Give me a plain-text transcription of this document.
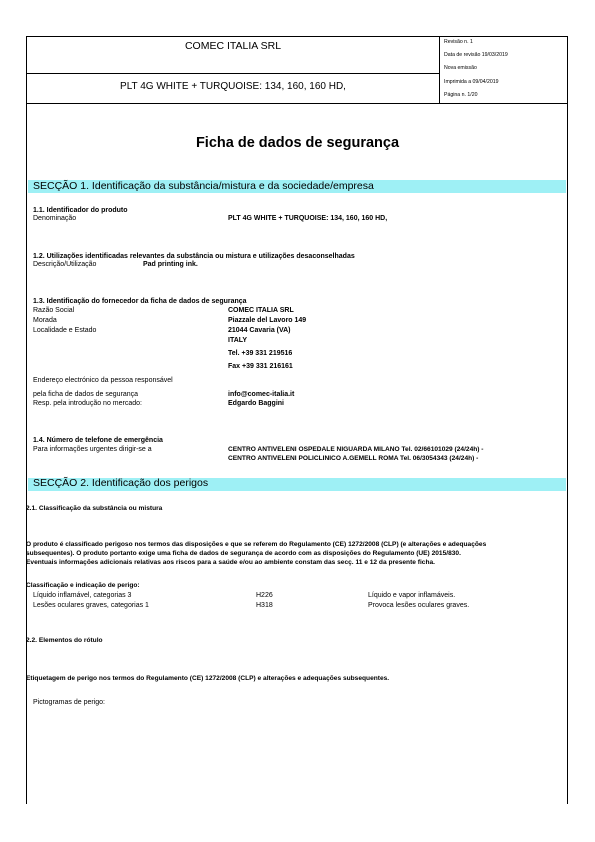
COMEC ITALIA SRL
PLT 4G WHITE + TURQUOISE: 134, 160, 160 HD,
Revisão n. 1
Data de revisão 19/03/2019
Nova emissão
Imprimida a 09/04/2019
Página n. 1/20
Ficha de dados de segurança
SECÇÃO 1. Identificação da substância/mistura e da sociedade/empresa
1.1. Identificador do produto
Denominação	PLT 4G WHITE + TURQUOISE: 134, 160, 160 HD,
1.2. Utilizações identificadas relevantes da substância ou mistura e utilizações desaconselhadas
Descrição/Utilização	Pad printing ink.
1.3. Identificação do fornecedor da ficha de dados de segurança
Razão Social	COMEC ITALIA SRL
Morada	Piazzale del Lavoro 149
Localidade e Estado	21044 Cavaria (VA)
ITALY
Tel. +39 331 219516
Fax +39 331 216161
Endereço electrónico da pessoa responsável
pela ficha de dados de segurança	info@comec-italia.it
Resp. pela introdução no mercado:	Edgardo Baggini
1.4. Número de telefone de emergência
Para informações urgentes dirigir-se a	CENTRO ANTIVELENI OSPEDALE NIGUARDA MILANO Tel. 02/66101029 (24/24h) -
CENTRO ANTIVELENI POLICLINICO A.GEMELL ROMA Tel. 06/3054343 (24/24h) -
SECÇÃO 2. Identificação dos perigos
2.1. Classificação da substância ou mistura
O produto é classificado perigoso nos termos das disposições e que se referem do Regulamento (CE) 1272/2008 (CLP) (e alterações e adequações
subsequentes). O produto portanto exige uma ficha de dados de segurança de acordo com as disposições do Regulamento (UE) 2015/830.
Eventuais informações adicionais relativas aos riscos para a saúde e/ou ao ambiente constam das secç. 11 e 12 da presente ficha.
Classificação e indicação de perigo:
Líquido inflamável, categorias 3	H226	Líquido e vapor inflamáveis.
Lesões oculares graves, categorias 1	H318	Provoca lesões oculares graves.
2.2. Elementos do rótulo
Etiquetagem de perigo nos termos do Regulamento (CE) 1272/2008 (CLP) e alterações e adequações subsequentes.
Pictogramas de perigo:
